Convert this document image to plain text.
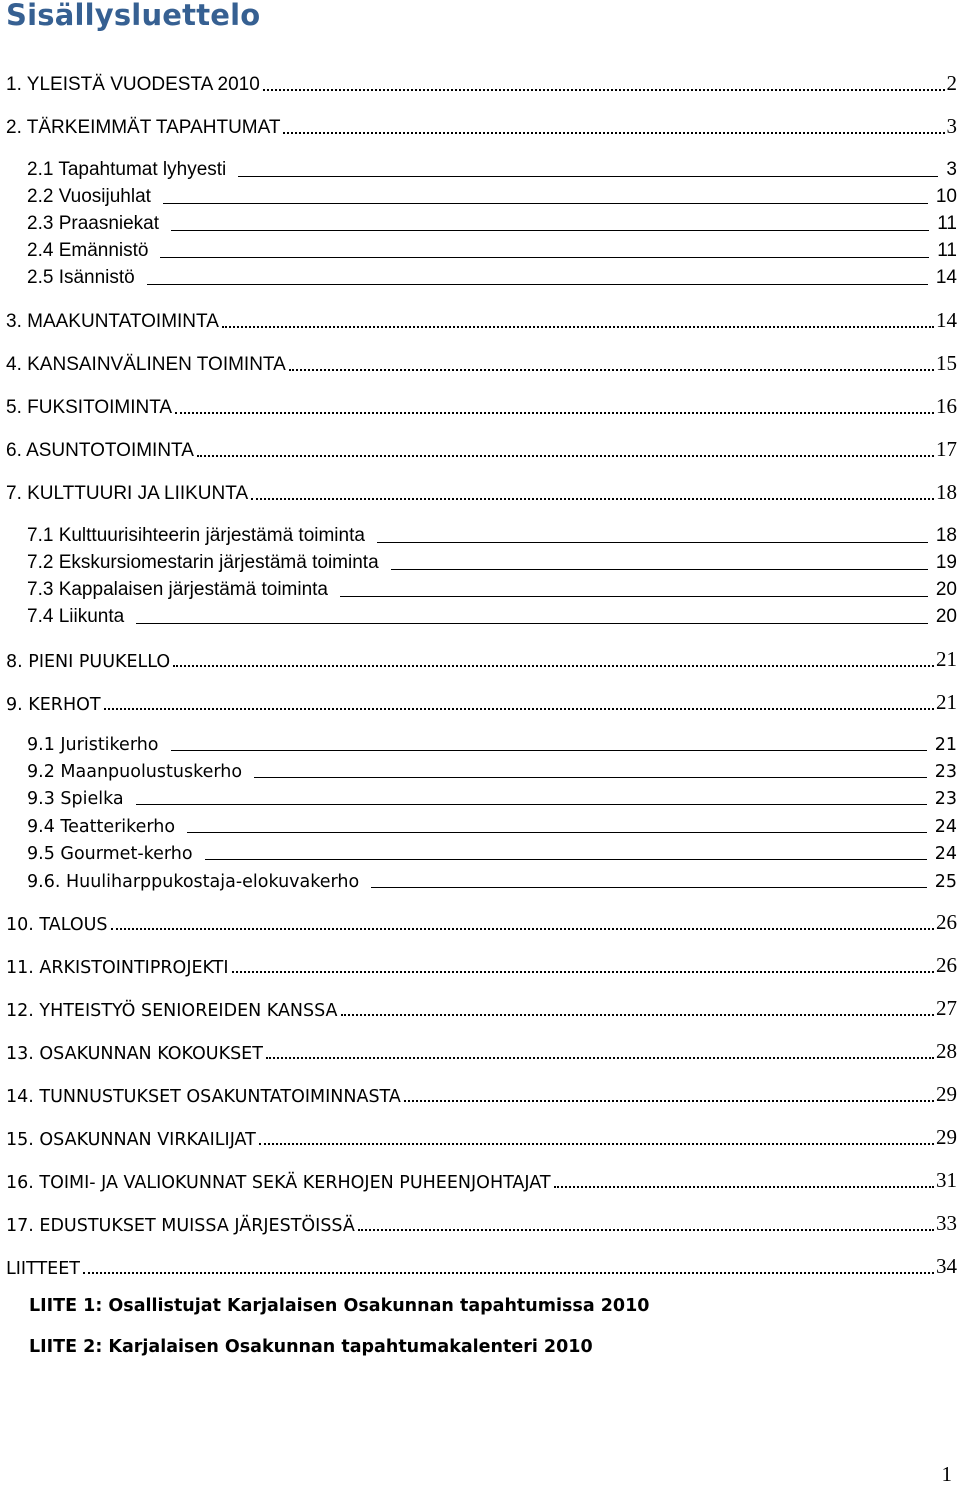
Sisällysluettelo
1. YLEISTÄ VUODESTA 2010	2
2. TÄRKEIMMÄT TAPAHTUMAT	3
2.1 Tapahtumat lyhyesti	3
2.2 Vuosijuhlat	10
2.3 Praasniekat	11
2.4 Emännistö	11
2.5 Isännistö	14
3. MAAKUNTATOIMINTA	14
4. KANSAINVÄLINEN TOIMINTA	15
5. FUKSITOIMINTA	16
6. ASUNTOTOIMINTA	17
7. KULTTUURI JA LIIKUNTA	18
7.1 Kulttuurisihteerin järjestämä toiminta	18
7.2 Ekskursiomestarin järjestämä toiminta	19
7.3 Kappalaisen järjestämä toiminta	20
7.4 Liikunta	20
8. PIENI PUUKELLO	21
9. KERHOT	21
9.1 Juristikerho	21
9.2 Maanpuolustuskerho	23
9.3 Spielka	23
9.4 Teatterikerho	24
9.5 Gourmet-kerho	24
9.6. Huuliharppukostaja-elokuvakerho	25
10. TALOUS	26
11. ARKISTOINTIPROJEKTI	26
12. YHTEISTYÖ SENIOREIDEN KANSSA	27
13. OSAKUNNAN KOKOUKSET	28
14. TUNNUSTUKSET OSAKUNTATOIMINNASTA	29
15. OSAKUNNAN VIRKAILIJAT	29
16. TOIMI- JA VALIOKUNNAT SEKÄ KERHOJEN PUHEENJOHTAJAT	31
17. EDUSTUKSET MUISSA JÄRJESTÖISSÄ	33
LIITTEET	34
LIITE 1: Osallistujat Karjalaisen Osakunnan tapahtumissa 2010
LIITE 2: Karjalaisen Osakunnan tapahtumakalenteri 2010
1
